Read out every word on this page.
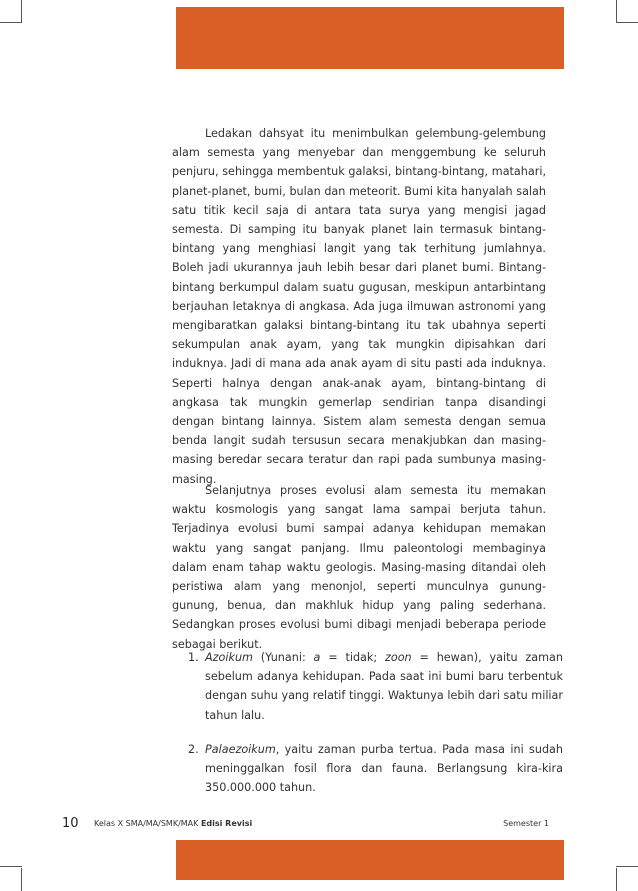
Ledakan dahsyat itu menimbulkan gelembung-gelembung alam semesta yang menyebar dan menggembung ke seluruh penjuru, sehingga membentuk galaksi, bintang-bintang, matahari, planet-planet, bumi, bulan dan meteorit. Bumi kita hanyalah salah satu titik kecil saja di antara tata surya yang mengisi jagad semesta. Di samping itu banyak planet lain termasuk bintang-bintang yang menghiasi langit yang tak terhitung jumlahnya. Boleh jadi ukurannya jauh lebih besar dari planet bumi. Bintang-bintang berkumpul dalam suatu gugusan, meskipun antarbintang berjauhan letaknya di angkasa. Ada juga ilmuwan astronomi yang mengibaratkan galaksi bintang-bintang itu tak ubahnya seperti sekumpulan anak ayam, yang tak mungkin dipisahkan dari induknya. Jadi di mana ada anak ayam di situ pasti ada induknya. Seperti halnya dengan anak-anak ayam, bintang-bintang di angkasa tak mungkin gemerlap sendirian tanpa disandingi dengan bintang lainnya. Sistem alam semesta dengan semua benda langit sudah tersusun secara menakjubkan dan masing-masing beredar secara teratur dan rapi pada sumbunya masing-masing.

Selanjutnya proses evolusi alam semesta itu memakan waktu kosmologis yang sangat lama sampai berjuta tahun. Terjadinya evolusi bumi sampai adanya kehidupan memakan waktu yang sangat panjang. Ilmu paleontologi membaginya dalam enam tahap waktu geologis. Masing-masing ditandai oleh peristiwa alam yang menonjol, seperti munculnya gunung-gunung, benua, dan makhluk hidup yang paling sederhana. Sedangkan proses evolusi bumi dibagi menjadi beberapa periode sebagai berikut.

1. Azoikum (Yunani: a = tidak; zoon = hewan), yaitu zaman sebelum adanya kehidupan. Pada saat ini bumi baru terbentuk dengan suhu yang relatif tinggi. Waktunya lebih dari satu miliar tahun lalu.
2. Palaezoikum, yaitu zaman purba tertua. Pada masa ini sudah meninggalkan fosil flora dan fauna. Berlangsung kira-kira 350.000.000 tahun.
10 Kelas X SMA/MA/SMK/MAK Edisi Revisi	Semester 1
